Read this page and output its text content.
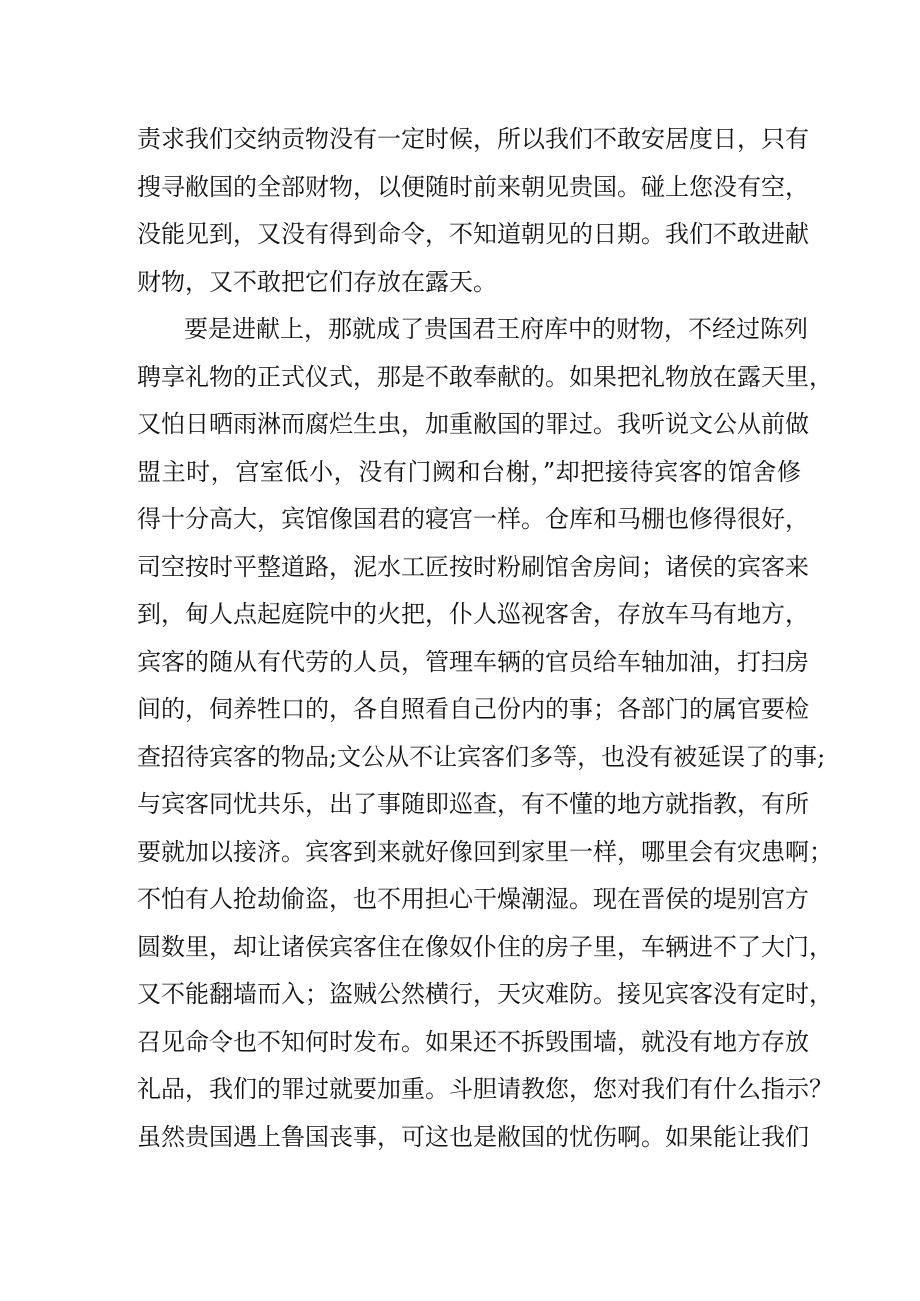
责求我们交纳贡物没有一定时候，所以我们不敢安居度日，只有
搜寻敝国的全部财物，以便随时前来朝见贵国。碰上您没有空，
没能见到，又没有得到命令，不知道朝见的日期。我们不敢进献
财物，又不敢把它们存放在露天。
要是进献上，那就成了贵国君王府库中的财物，不经过陈列
聘享礼物的正式仪式，那是不敢奉献的。如果把礼物放在露天里，
又怕日晒雨淋而腐烂生虫，加重敝国的罪过。我听说文公从前做
盟主时，宫室低小，没有门阙和台榭，”却把接待宾客的馆舍修
得十分高大，宾馆像国君的寝宫一样。仓库和马棚也修得很好，
司空按时平整道路，泥水工匠按时粉刷馆舍房间；诸侯的宾客来
到，甸人点起庭院中的火把，仆人巡视客舍，存放车马有地方，
宾客的随从有代劳的人员，管理车辆的官员给车轴加油，打扫房
间的，伺养牲口的，各自照看自己份内的事；各部门的属官要检
查招待宾客的物品;文公从不让宾客们多等，也没有被延误了的事;
与宾客同忧共乐，出了事随即巡查，有不懂的地方就指教，有所
要就加以接济。宾客到来就好像回到家里一样，哪里会有灾患啊；
不怕有人抢劫偷盗，也不用担心干燥潮湿。现在晋侯的堤别宫方
圆数里，却让诸侯宾客住在像奴仆住的房子里，车辆进不了大门，
又不能翻墙而入；盗贼公然横行，天灾难防。接见宾客没有定时，
召见命令也不知何时发布。如果还不拆毁围墙，就没有地方存放
礼品，我们的罪过就要加重。斗胆请教您，您对我们有什么指示？
虽然贵国遇上鲁国丧事，可这也是敝国的忧伤啊。如果能让我们
